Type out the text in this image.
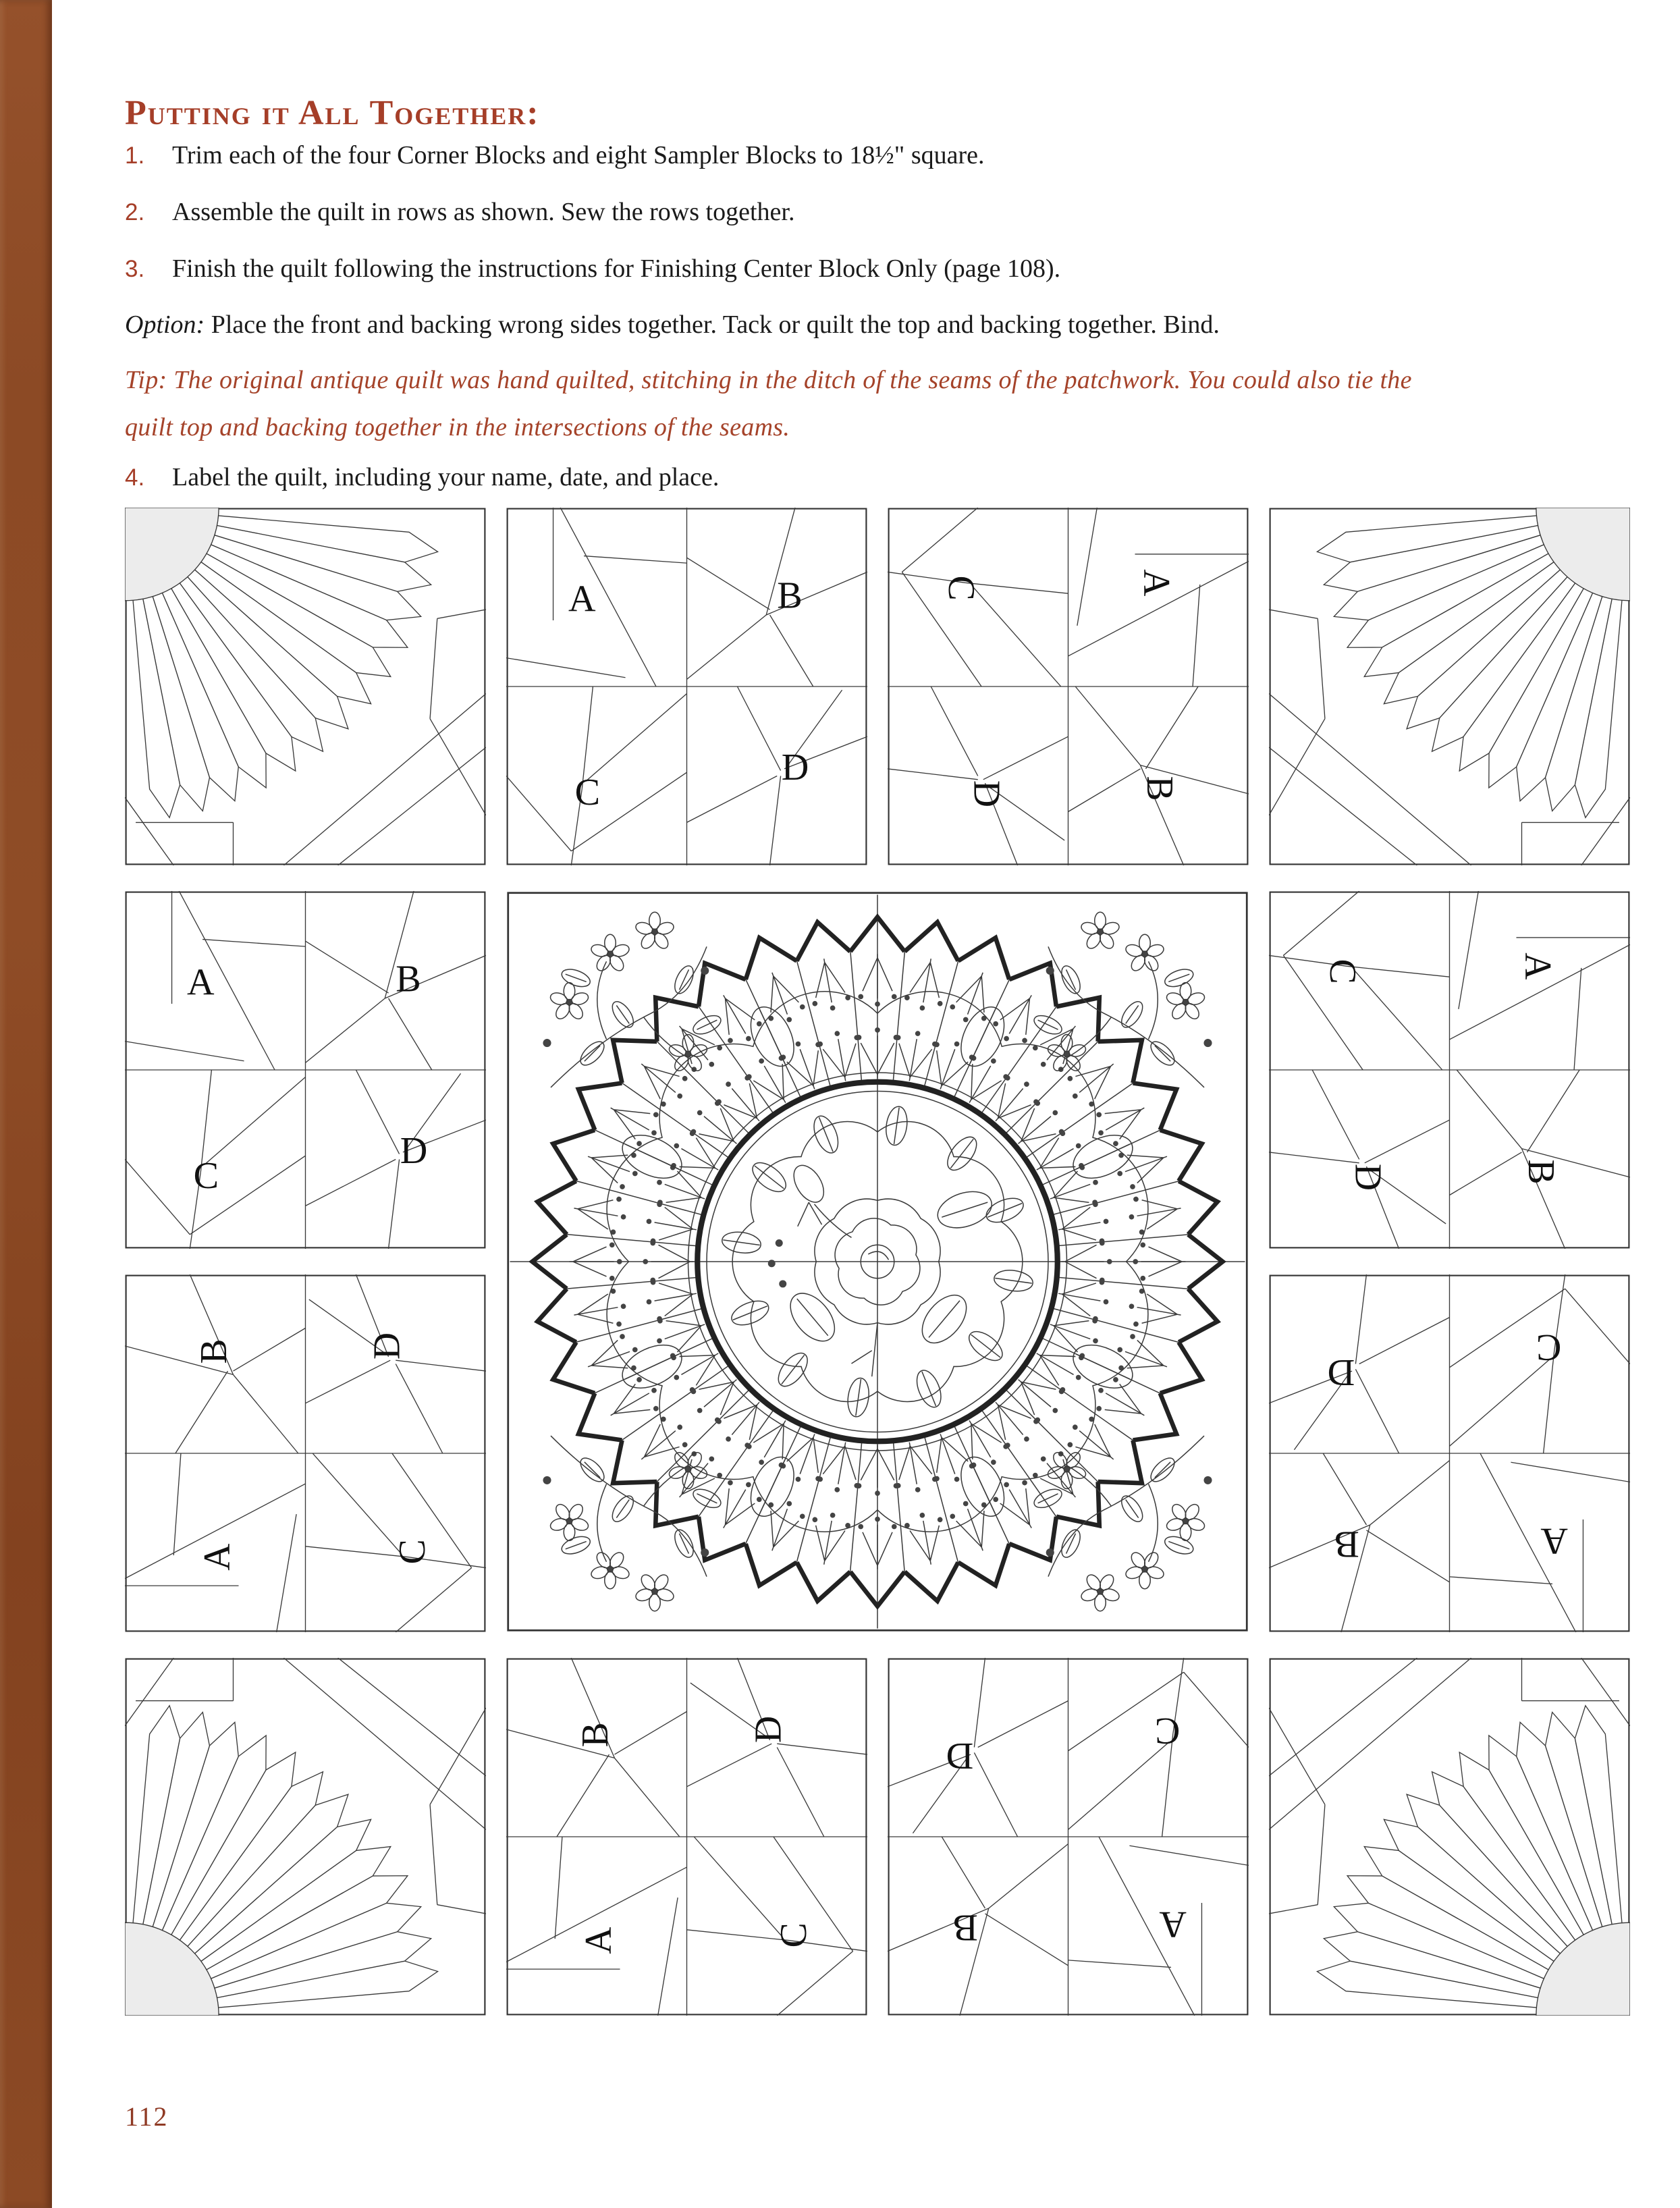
Putting it All Together:
1. Trim each of the four Corner Blocks and eight Sampler Blocks to 18½" square.
2. Assemble the quilt in rows as shown. Sew the rows together.
3. Finish the quilt following the instructions for Finishing Center Block Only (page 108).
Option: Place the front and backing wrong sides together. Tack or quilt the top and backing together. Bind.
Tip: The original antique quilt was hand quilted, stitching in the ditch of the seams of the patchwork. You could also tie the
quilt top and backing together in the intersections of the seams.
4. Label the quilt, including your name, date, and place.
112
